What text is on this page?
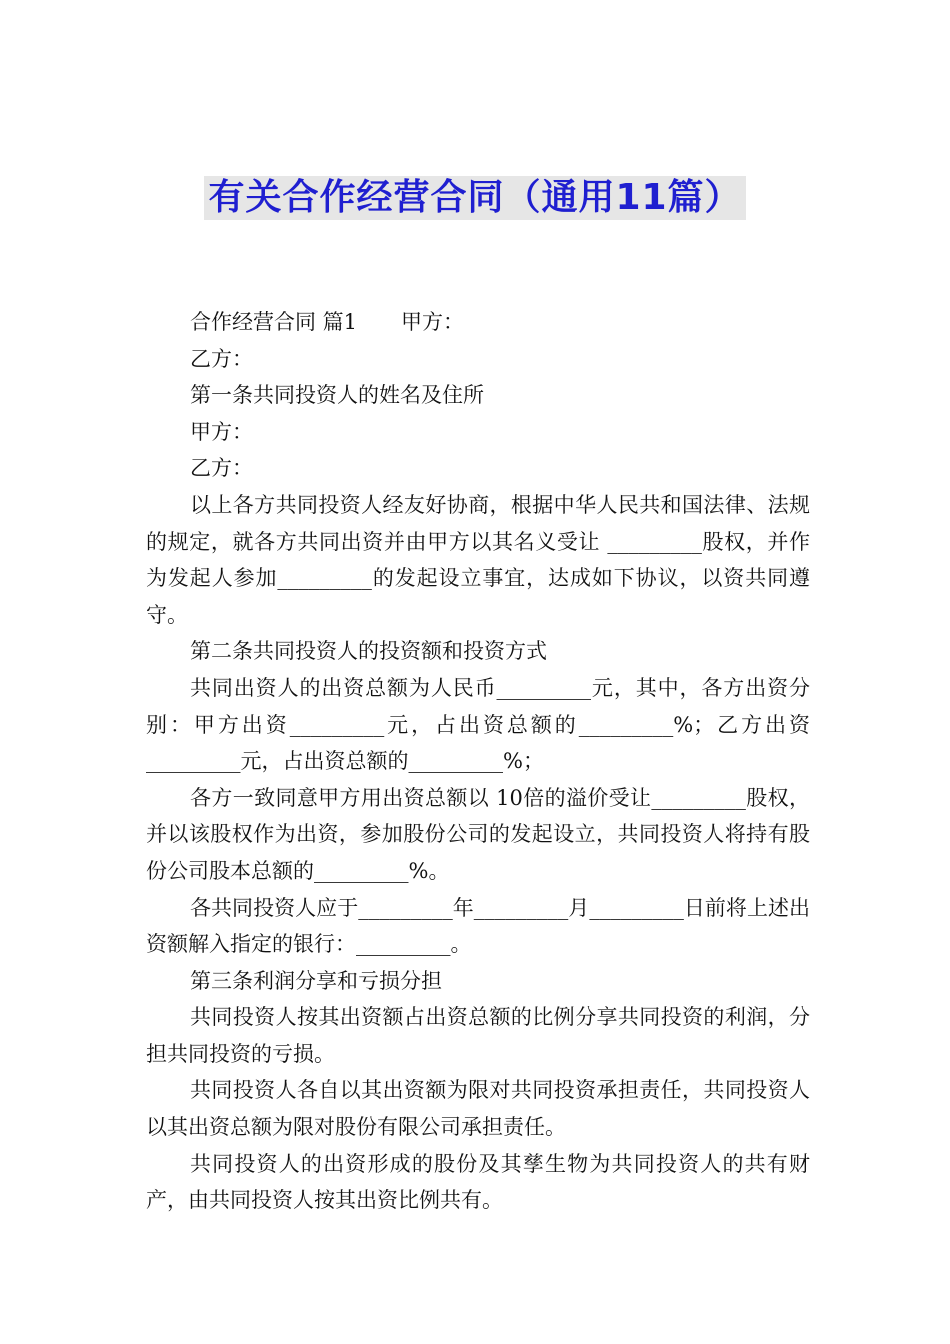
有关合作经营合同（通用11篇）

合作经营合同 篇1 甲方：

乙方：

第一条共同投资人的姓名及住所

甲方：

乙方：

以上各方共同投资人经友好协商，根据中华人民共和国法律、法规的规定，就各方共同出资并由甲方以其名义受让 _________股权，并作为发起人参加_________的发起设立事宜，达成如下协议，以资共同遵守。

第二条共同投资人的投资额和投资方式

共同出资人的出资总额为人民币_________元，其中，各方出资分别：甲方出资_________元，占出资总额的_________%；乙方出资_________元，占出资总额的_________%；

各方一致同意甲方用出资总额以 10倍的溢价受让_________股权，并以该股权作为出资，参加股份公司的发起设立，共同投资人将持有股份公司股本总额的_________%。

各共同投资人应于_________年_________月_________日前将上述出资额解入指定的银行：_________。

第三条利润分享和亏损分担

共同投资人按其出资额占出资总额的比例分享共同投资的利润，分担共同投资的亏损。

共同投资人各自以其出资额为限对共同投资承担责任，共同投资人以其出资总额为限对股份有限公司承担责任。

共同投资人的出资形成的股份及其孳生物为共同投资人的共有财产，由共同投资人按其出资比例共有。
